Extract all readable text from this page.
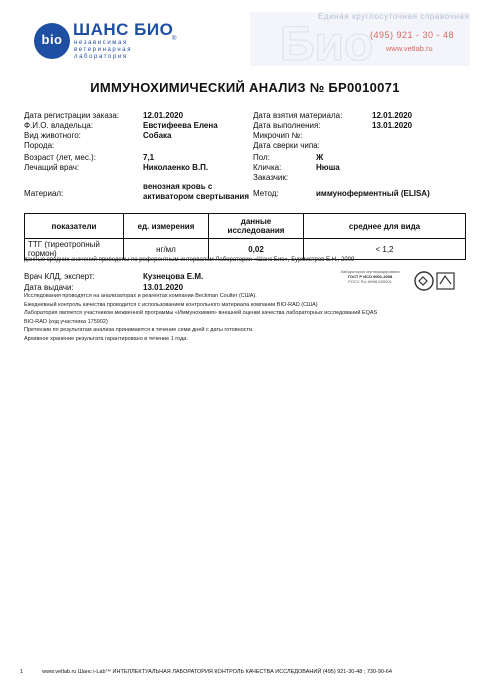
bio
ШАНС БИО
®
независимая
ветеринарная
лаборатория	Био
Единая круглосуточная справочная
(495) 921 - 30 - 48
www.vetlab.ru
ИММУНОХИМИЧЕСКИЙ АНАЛИЗ № БР0010071
Дата регистрации заказа:	12.01.2020
Ф.И.О. владельца:	Евстифеева Елена
Вид животного:	Собака
Порода:
Возраст (лет, мес.):	7,1
Лечащий врач:	Николаенко В.П.
Материал:
венозная кровь с
активатором свертывания
Дата взятия материала:	12.01.2020
Дата выполнения:	13.01.2020
Микрочип №:
Дата сверки чипа:
Пол:	Ж
Кличка:	Нюша
Заказчик:
Метод:	иммуноферментный (ELISA)
показатели	ед. измерения	данные
исследования	среднее для вида
ТТГ (тиреотропный гормон)	нг/мл	0,02	< 1,2
данные средних значений приведены по референтным интервалам Лаборатории «Шанс Био», Бурмистров Е.Н., 2009
Врач КЛД, эксперт:	Кузнецова Е.М.
Дата выдачи:	13.01.2020
Лаборатория сертифицирована
ГОСТ Р ИСО 9001-2008
РОСС RU.ИК96.К00001
Исследования проводятся на анализаторах и реагентах компании Beckman Coulter (США).
Ежедневный контроль качества проводится с использованием контрольного материала компании BIO-RAD (США)
Лаборатория является участником межвенной программы «Иммунохимия» внешней оценки качества лабораторных исследований EQAS
BIO-RAD (код участника 175902)
Претензии по результатам анализа принимаются в течение семи дней с даты готовности.
Архивное хранение результата гарантировано в течение 1 года.
1	www.vetlab.ru Шанс i-Lab™ ИНТЕЛЛЕКТУАЛЬНАЯ ЛАБОРАТОРИЯ КОНТРОЛЬ КАЧЕСТВА ИССЛЕДОВАНИЙ (495) 921-30-48 ; 730-90-64
